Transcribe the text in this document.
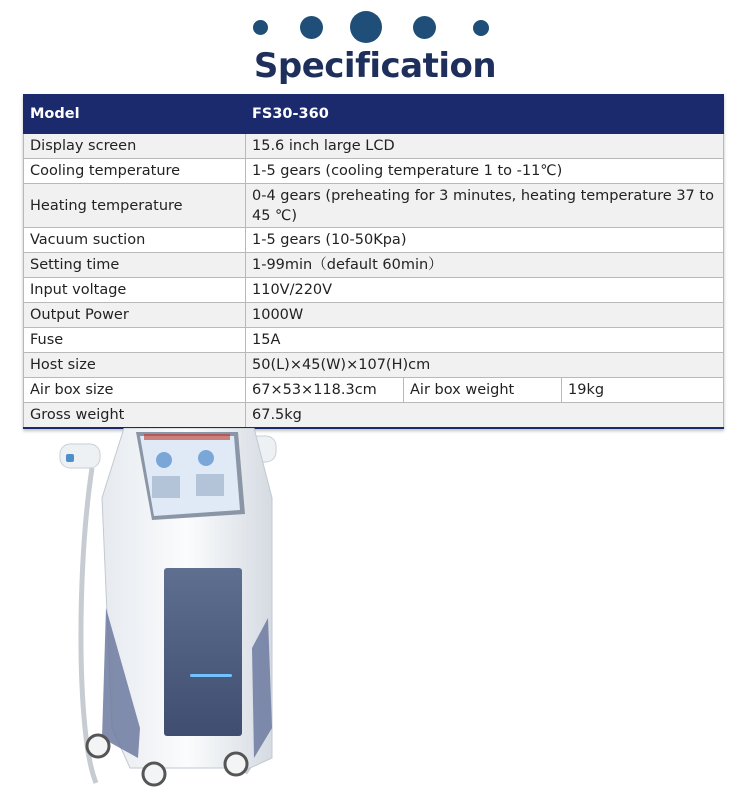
Specification
Model	FS30-360		
Display screen	15.6 inch large LCD		
Cooling temperature	1-5 gears (cooling temperature 1 to -11℃)		
Heating temperature	0-4 gears (preheating for 3 minutes, heating temperature 37 to 45 ℃)		
Vacuum suction	1-5 gears (10-50Kpa)		
Setting time	1-99min（default 60min）		
Input voltage	110V/220V		
Output Power	1000W		
Fuse	15A		
Host size	50(L)×45(W)×107(H)cm		
Air box size	67×53×118.3cm	Air box weight	19kg
Gross weight	67.5kg		
